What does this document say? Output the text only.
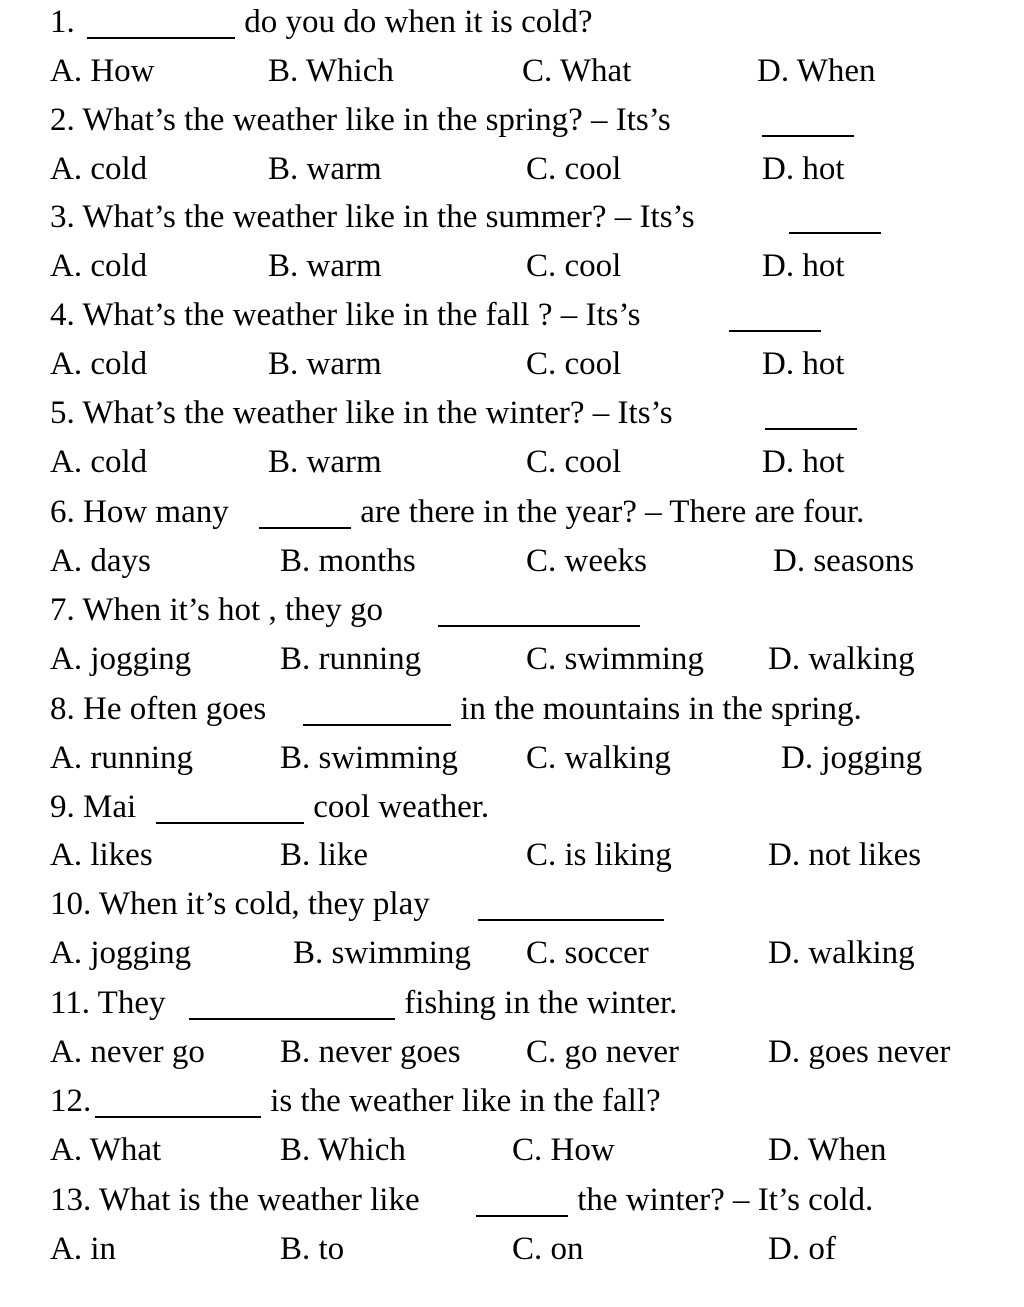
1.	do you do when it is cold?
A. How	B. Which	C. What	D. When
2. What’s the weather like in the spring? – Its’s
A. cold	B. warm	C. cool	D. hot
3. What’s the weather like in the summer? – Its’s
A. cold	B. warm	C. cool	D. hot
4. What’s the weather like in the fall ? – Its’s
A. cold	B. warm	C. cool	D. hot
5. What’s the weather like in the winter? – Its’s
A. cold	B. warm	C. cool	D. hot
6. How many	are there in the year? – There are four.
A. days	B. months	C. weeks	D. seasons
7. When it’s hot , they go
A. jogging	B. running	C. swimming D. walking
8. He often goes	in the mountains in the spring.
A. running	B. swimming C. walking	D. jogging
9. Mai	cool weather.
A. likes	B. like	C. is liking	D. not likes
10. When it’s cold, they play
A. jogging	B. swimming C. soccer	D. walking
11. They	fishing in the winter.
A. never go B. never goes C. go never	D. goes never
12.	is the weather like in the fall?
A. What	B. Which	C. How	D. When
13. What is the weather like	the winter? – It’s cold.
A. in	B. to	C. on	D. of
